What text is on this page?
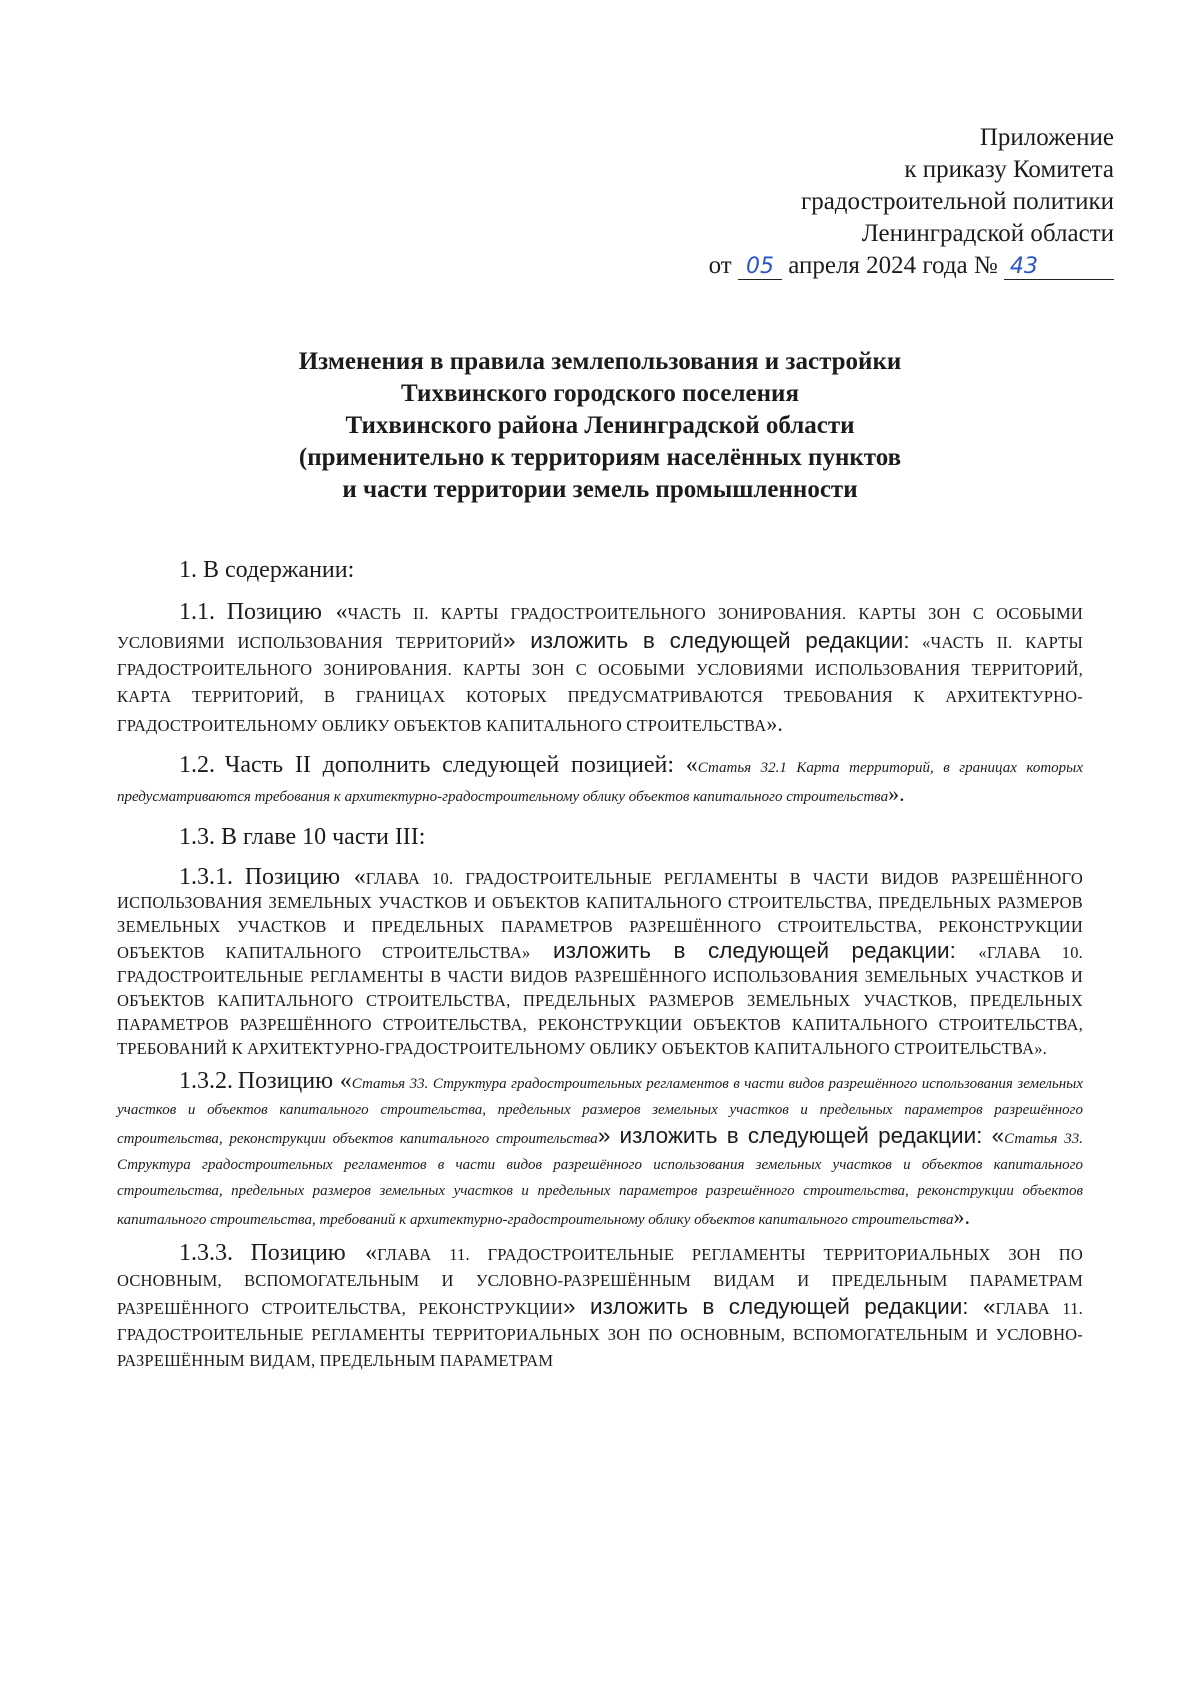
Приложение
к приказу Комитета
градостроительной политики
Ленинградской области
от 05 апреля 2024 года № 43
Изменения в правила землепользования и застройки
Тихвинского городского поселения
Тихвинского района Ленинградской области
(применительно к территориям населённых пунктов
и части территории земель промышленности

1. В содержании:

1.1. Позицию «ЧАСТЬ II. КАРТЫ ГРАДОСТРОИТЕЛЬНОГО ЗОНИРОВАНИЯ. КАРТЫ ЗОН С ОСОБЫМИ УСЛОВИЯМИ ИСПОЛЬЗОВАНИЯ ТЕРРИТОРИЙ» изложить в следующей редакции: «ЧАСТЬ II. КАРТЫ ГРАДОСТРОИТЕЛЬНОГО ЗОНИРОВАНИЯ. КАРТЫ ЗОН С ОСОБЫМИ УСЛОВИЯМИ ИСПОЛЬЗОВАНИЯ ТЕРРИТОРИЙ, КАРТА ТЕРРИТОРИЙ, В ГРАНИЦАХ КОТОРЫХ ПРЕДУСМАТРИВАЮТСЯ ТРЕБОВАНИЯ К АРХИТЕКТУРНО-ГРАДОСТРОИТЕЛЬНОМУ ОБЛИКУ ОБЪЕКТОВ КАПИТАЛЬНОГО СТРОИТЕЛЬСТВА».

1.2. Часть II дополнить следующей позицией: «Статья 32.1 Карта территорий, в границах которых предусматриваются требования к архитектурно-градостроительному облику объектов капитального строительства».

1.3. В главе 10 части III:

1.3.1. Позицию «ГЛАВА 10. ГРАДОСТРОИТЕЛЬНЫЕ РЕГЛАМЕНТЫ В ЧАСТИ ВИДОВ РАЗРЕШЁННОГО ИСПОЛЬЗОВАНИЯ ЗЕМЕЛЬНЫХ УЧАСТКОВ И ОБЪЕКТОВ КАПИТАЛЬНОГО СТРОИТЕЛЬСТВА, ПРЕДЕЛЬНЫХ РАЗМЕРОВ ЗЕМЕЛЬНЫХ УЧАСТКОВ И ПРЕДЕЛЬНЫХ ПАРАМЕТРОВ РАЗРЕШЁННОГО СТРОИТЕЛЬСТВА, РЕКОНСТРУКЦИИ ОБЪЕКТОВ КАПИТАЛЬНОГО СТРОИТЕЛЬСТВА» изложить в следующей редакции: «ГЛАВА 10. ГРАДОСТРОИТЕЛЬНЫЕ РЕГЛАМЕНТЫ В ЧАСТИ ВИДОВ РАЗРЕШЁННОГО ИСПОЛЬЗОВАНИЯ ЗЕМЕЛЬНЫХ УЧАСТКОВ И ОБЪЕКТОВ КАПИТАЛЬНОГО СТРОИТЕЛЬСТВА, ПРЕДЕЛЬНЫХ РАЗМЕРОВ ЗЕМЕЛЬНЫХ УЧАСТКОВ, ПРЕДЕЛЬНЫХ ПАРАМЕТРОВ РАЗРЕШЁННОГО СТРОИТЕЛЬСТВА, РЕКОНСТРУКЦИИ ОБЪЕКТОВ КАПИТАЛЬНОГО СТРОИТЕЛЬСТВА, ТРЕБОВАНИЙ К АРХИТЕКТУРНО-ГРАДОСТРОИТЕЛЬНОМУ ОБЛИКУ ОБЪЕКТОВ КАПИТАЛЬНОГО СТРОИТЕЛЬСТВА».

1.3.2. Позицию «Статья 33. Структура градостроительных регламентов в части видов разрешённого использования земельных участков и объектов капитального строительства, предельных размеров земельных участков и предельных параметров разрешённого строительства, реконструкции объектов капитального строительства» изложить в следующей редакции: «Статья 33. Структура градостроительных регламентов в части видов разрешённого использования земельных участков и объектов капитального строительства, предельных размеров земельных участков и предельных параметров разрешённого строительства, реконструкции объектов капитального строительства, требований к архитектурно-градостроительному облику объектов капитального строительства».

1.3.3. Позицию «ГЛАВА 11. ГРАДОСТРОИТЕЛЬНЫЕ РЕГЛАМЕНТЫ ТЕРРИТОРИАЛЬНЫХ ЗОН ПО ОСНОВНЫМ, ВСПОМОГАТЕЛЬНЫМ И УСЛОВНО-РАЗРЕШЁННЫМ ВИДАМ И ПРЕДЕЛЬНЫМ ПАРАМЕТРАМ РАЗРЕШЁННОГО СТРОИТЕЛЬСТВА, РЕКОНСТРУКЦИИ» изложить в следующей редакции: «ГЛАВА 11. ГРАДОСТРОИТЕЛЬНЫЕ РЕГЛАМЕНТЫ ТЕРРИТОРИАЛЬНЫХ ЗОН ПО ОСНОВНЫМ, ВСПОМОГАТЕЛЬНЫМ И УСЛОВНО-РАЗРЕШЁННЫМ ВИДАМ, ПРЕДЕЛЬНЫМ ПАРАМЕТРАМ
